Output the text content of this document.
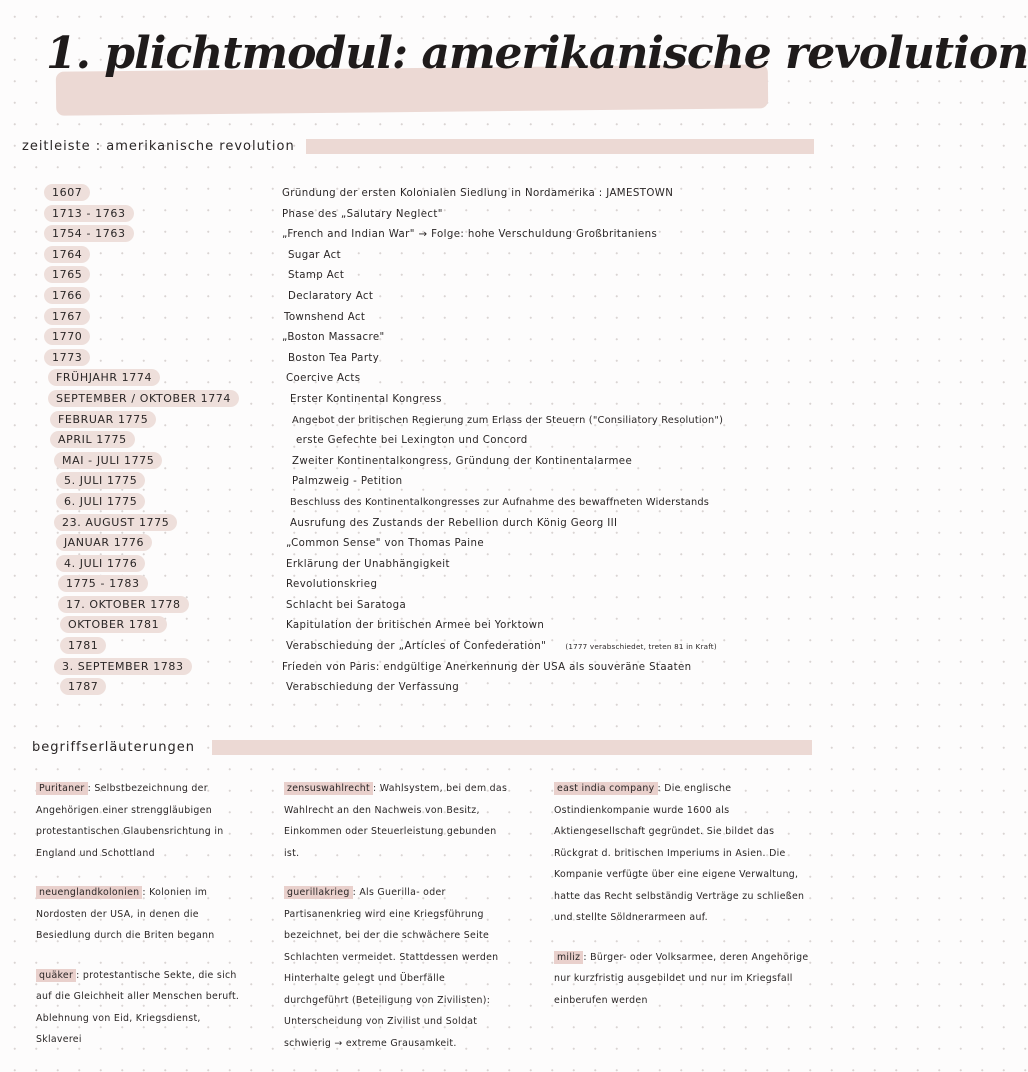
1. plichtmodul: amerikanische revolution
zeitleiste : amerikanische revolution
1607
1713 - 1763
1754 - 1763
1764
1765
1766
1767
1770
1773
FRÜHJAHR 1774
SEPTEMBER / OKTOBER 1774
FEBRUAR 1775
APRIL 1775
MAI - JULI 1775
5. JULI 1775
6. JULI 1775
23. AUGUST 1775
JANUAR 1776
4. JULI 1776
1775 - 1783
17. OKTOBER 1778
OKTOBER 1781
1781
3. SEPTEMBER 1783
1787
Gründung der ersten Kolonialen Siedlung in Nordamerika : JAMESTOWN
Phase des „Salutary Neglect"
„French and Indian War" → Folge: hohe Verschuldung Großbritaniens
Sugar Act
Stamp Act
Declaratory Act
Townshend Act
„Boston Massacre"
Boston Tea Party
Coercive Acts
Erster Kontinental Kongress
Angebot der britischen Regierung zum Erlass der Steuern ("Consiliatory Resolution")
erste Gefechte bei Lexington und Concord
Zweiter Kontinentalkongress, Gründung der Kontinentalarmee
Palmzweig - Petition
Beschluss des Kontinentalkongresses zur Aufnahme des bewaffneten Widerstands
Ausrufung des Zustands der Rebellion durch König Georg III
„Common Sense" von Thomas Paine
Erklärung der Unabhängigkeit
Revolutionskrieg
Schlacht bei Saratoga
Kapitulation der britischen Armee bei Yorktown
Verabschiedung der „Articles of Confederation"	(1777 verabschiedet, treten 81 in Kraft)
Frieden von Paris: endgültige Anerkennung der USA als souveräne Staaten
Verabschiedung der Verfassung
begriffserläuterungen

Puritaner : Selbstbezeichnung der Angehörigen einer strenggläubigen protestantischen Glaubensrichtung in England und Schottland

neuenglandkolonien : Kolonien im Nordosten der USA, in denen die Besiedlung durch die Briten begann

quäker : protestantische Sekte, die sich auf die Gleichheit aller Menschen beruft. Ablehnung von Eid, Kriegsdienst, Sklaverei

zensuswahlrecht : Wahlsystem, bei dem das Wahlrecht an den Nachweis von Besitz, Einkommen oder Steuerleistung gebunden ist.

guerillakrieg : Als Guerilla- oder Partisanenkrieg wird eine Kriegsführung bezeichnet, bei der die schwächere Seite Schlachten vermeidet. Stattdessen werden Hinterhalte gelegt und Überfälle durchgeführt (Beteiligung von Zivilisten): Unterscheidung von Zivilist und Soldat schwierig → extreme Grausamkeit.

east india company : Die englische Ostindienkompanie wurde 1600 als Aktiengesellschaft gegründet. Sie bildet das Rückgrat d. britischen Imperiums in Asien. Die Kompanie verfügte über eine eigene Verwaltung, hatte das Recht selbständig Verträge zu schließen und stellte Söldnerarmeen auf.

miliz : Bürger- oder Volksarmee, deren Angehörige nur kurzfristig ausgebildet und nur im Kriegsfall einberufen werden
